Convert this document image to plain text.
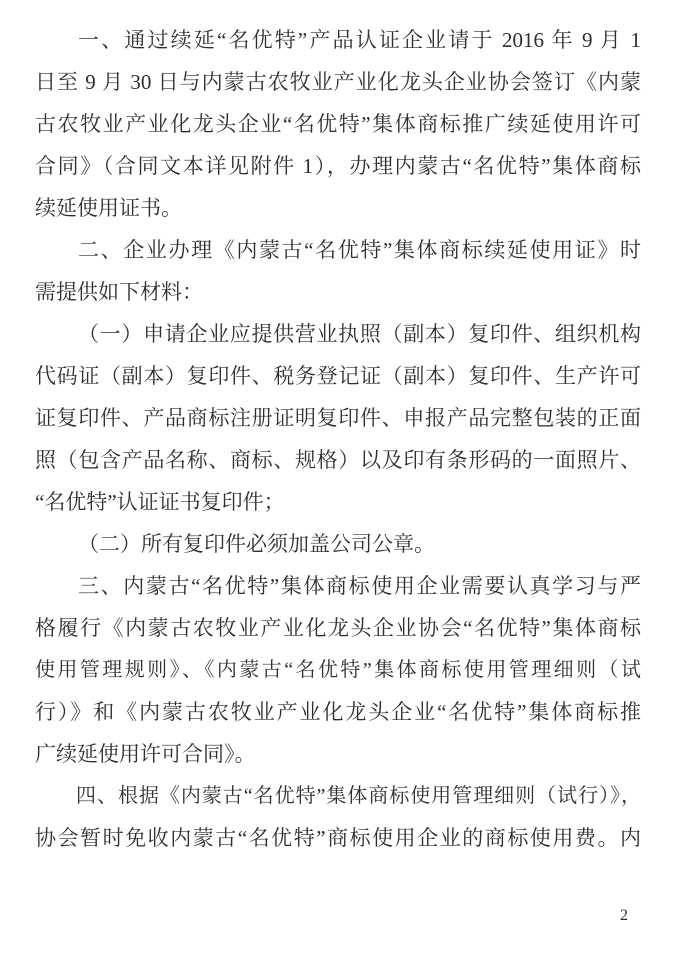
一、通过续延“名优特”产品认证企业请于 2016 年 9 月 1

日至 9 月 30 日与内蒙古农牧业产业化龙头企业协会签订《内蒙

古农牧业产业化龙头企业“名优特”集体商标推广续延使用许可

合同》（合同文本详见附件 1），办理内蒙古“名优特”集体商标

续延使用证书。

二、企业办理《内蒙古“名优特”集体商标续延使用证》时

需提供如下材料：

（一）申请企业应提供营业执照（副本）复印件、组织机构

代码证（副本）复印件、税务登记证（副本）复印件、生产许可

证复印件、产品商标注册证明复印件、申报产品完整包装的正面

照（包含产品名称、商标、规格）以及印有条形码的一面照片、

“名优特”认证证书复印件；

（二）所有复印件必须加盖公司公章。

三、内蒙古“名优特”集体商标使用企业需要认真学习与严

格履行《内蒙古农牧业产业化龙头企业协会“名优特”集体商标

使用管理规则》、《内蒙古“名优特”集体商标使用管理细则（试

行）》和《内蒙古农牧业产业化龙头企业“名优特”集体商标推

广续延使用许可合同》。

四、根据《内蒙古“名优特”集体商标使用管理细则（试行）》，

协会暂时免收内蒙古“名优特”商标使用企业的商标使用费。内

2
